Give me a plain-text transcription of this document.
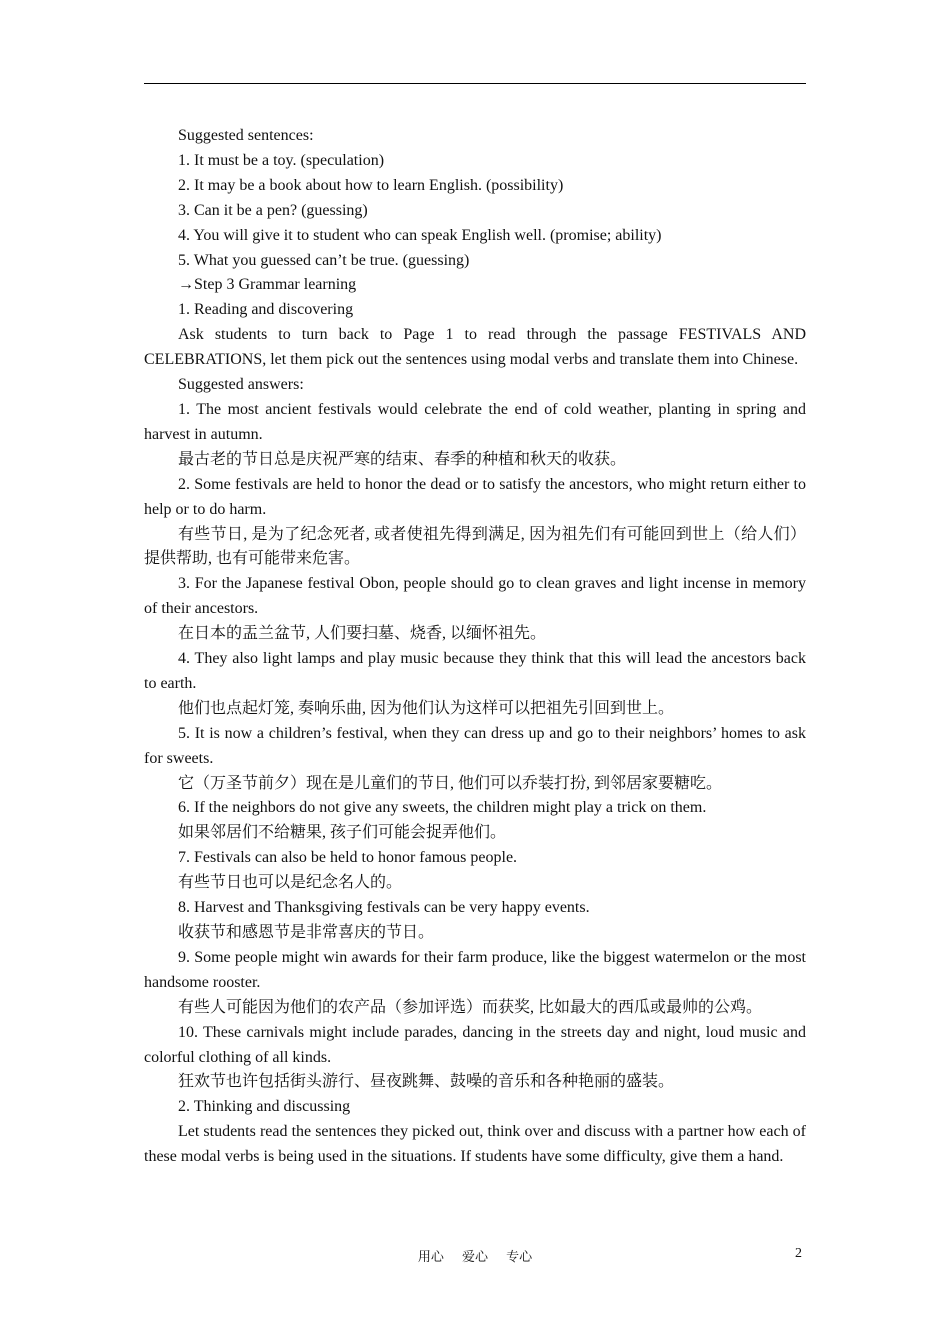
Suggested sentences:

1. It must be a toy. (speculation)

2. It may be a book about how to learn English. (possibility)

3. Can it be a pen? (guessing)

4. You will give it to student who can speak English well. (promise; ability)

5. What you guessed can’t be true. (guessing)

→Step 3 Grammar learning

1. Reading and discovering

Ask students to turn back to Page 1 to read through the passage FESTIVALS AND CELEBRATIONS, let them pick out the sentences using modal verbs and translate them into Chinese.

Suggested answers:

1. The most ancient festivals would celebrate the end of cold weather, planting in spring and harvest in autumn.

最古老的节日总是庆祝严寒的结束、春季的种植和秋天的收获。

2. Some festivals are held to honor the dead or to satisfy the ancestors, who might return either to help or to do harm.

有些节日, 是为了纪念死者, 或者使祖先得到满足, 因为祖先们有可能回到世上（给人们）提供帮助, 也有可能带来危害。

3. For the Japanese festival Obon, people should go to clean graves and light incense in memory of their ancestors.

在日本的盂兰盆节, 人们要扫墓、烧香, 以缅怀祖先。

4. They also light lamps and play music because they think that this will lead the ancestors back to earth.

他们也点起灯笼, 奏响乐曲, 因为他们认为这样可以把祖先引回到世上。

5. It is now a children’s festival, when they can dress up and go to their neighbors’ homes to ask for sweets.

它（万圣节前夕）现在是儿童们的节日, 他们可以乔装打扮, 到邻居家要糖吃。

6. If the neighbors do not give any sweets, the children might play a trick on them.

如果邻居们不给糖果, 孩子们可能会捉弄他们。

7. Festivals can also be held to honor famous people.

有些节日也可以是纪念名人的。

8. Harvest and Thanksgiving festivals can be very happy events.

收获节和感恩节是非常喜庆的节日。

9. Some people might win awards for their farm produce, like the biggest watermelon or the most handsome rooster.

有些人可能因为他们的农产品（参加评选）而获奖, 比如最大的西瓜或最帅的公鸡。

10. These carnivals might include parades, dancing in the streets day and night, loud music and colorful clothing of all kinds.

狂欢节也许包括街头游行、昼夜跳舞、鼓噪的音乐和各种艳丽的盛装。

2. Thinking and discussing

Let students read the sentences they picked out, think over and discuss with a partner how each of these modal verbs is being used in the situations. If students have some difficulty, give them a hand.

用心 爱心 专心	2
